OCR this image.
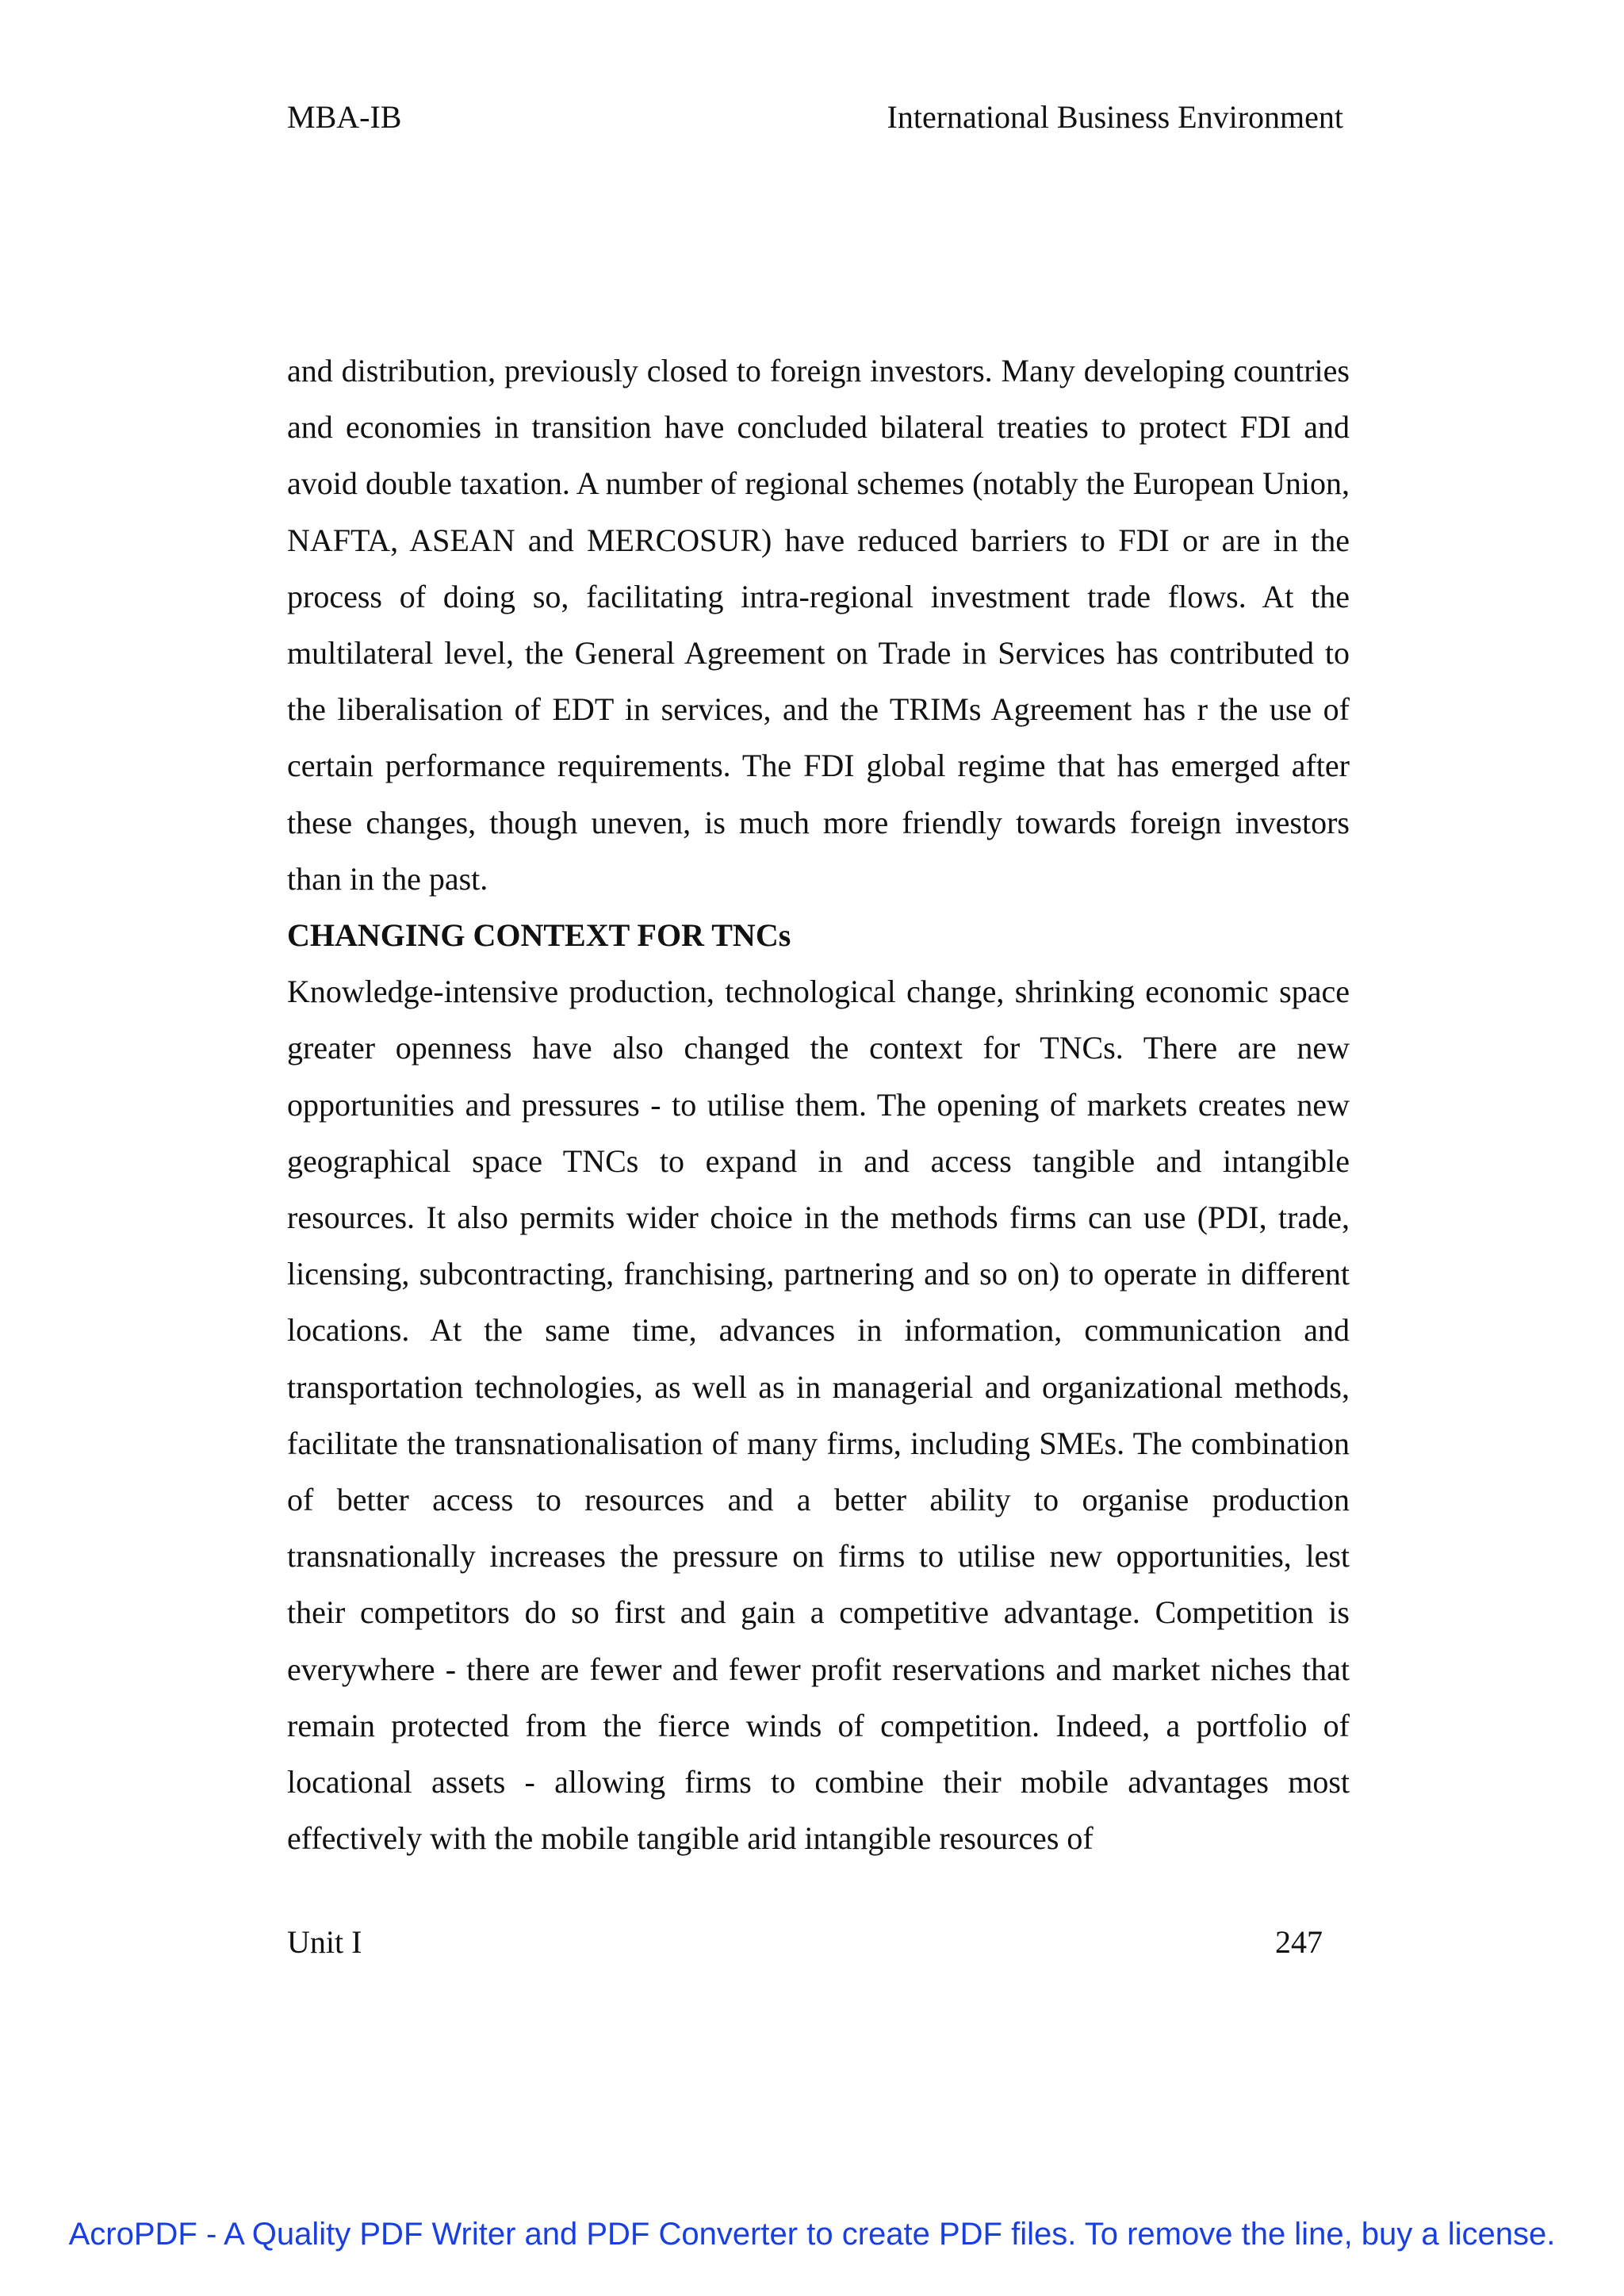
MBA-IB	International Business Environment

and distribution, previously closed to foreign investors. Many developing countries and economies in transition have concluded bilateral treaties to protect FDI and avoid double taxation. A number of regional schemes (notably the European Union, NAFTA, ASEAN and MERCOSUR) have reduced barriers to FDI or are in the process of doing so, facilitating intra-regional investment trade flows. At the multilateral level, the General Agreement on Trade in Services has contributed to the liberalisation of EDT in services, and the TRIMs Agreement has r the use of certain performance requirements. The FDI global regime that has emerged after these changes, though uneven, is much more friendly towards foreign investors than in the past.

CHANGING CONTEXT FOR TNCs

Knowledge-intensive production, technological change, shrinking economic space greater openness have also changed the context for TNCs. There are new opportunities and pressures - to utilise them. The opening of markets creates new geographical space TNCs to expand in and access tangible and intangible resources. It also permits wider choice in the methods firms can use (PDI, trade, licensing, subcontracting, franchising, partnering and so on) to operate in different locations. At the same time, advances in information, communication and transportation technologies, as well as in managerial and organizational methods, facilitate the transnationalisation of many firms, including SMEs. The combination of better access to resources and a better ability to organise production transnationally increases the pressure on firms to utilise new opportunities, lest their competitors do so first and gain a competitive advantage. Competition is everywhere - there are fewer and fewer profit reservations and market niches that remain protected from the fierce winds of competition. Indeed, a portfolio of locational assets - allowing firms to combine their mobile advantages most effectively with the mobile tangible arid intangible resources of

Unit I	247
AcroPDF - A Quality PDF Writer and PDF Converter to create PDF files. To remove the line, buy a license.
